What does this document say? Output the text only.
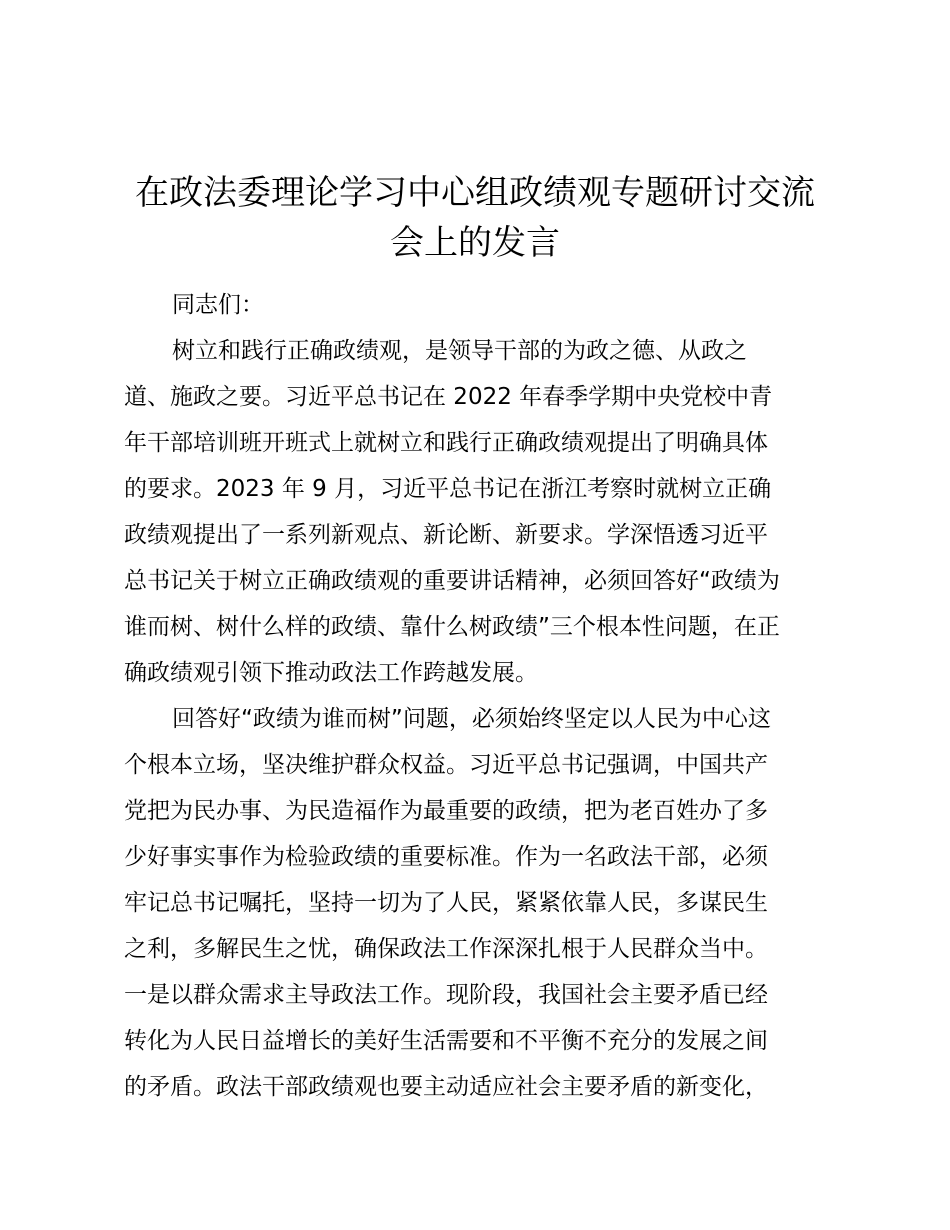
在政法委理论学习中心组政绩观专题研讨交流
会上的发言
同志们：
树立和践行正确政绩观，是领导干部的为政之德、从政之
道、施政之要。习近平总书记在 2022 年春季学期中央党校中青
年干部培训班开班式上就树立和践行正确政绩观提出了明确具体
的要求。2023 年 9 月，习近平总书记在浙江考察时就树立正确
政绩观提出了一系列新观点、新论断、新要求。学深悟透习近平
总书记关于树立正确政绩观的重要讲话精神，必须回答好“政绩为
谁而树、树什么样的政绩、靠什么树政绩”三个根本性问题，在正
确政绩观引领下推动政法工作跨越发展。
回答好“政绩为谁而树”问题，必须始终坚定以人民为中心这
个根本立场，坚决维护群众权益。习近平总书记强调，中国共产
党把为民办事、为民造福作为最重要的政绩，把为老百姓办了多
少好事实事作为检验政绩的重要标准。作为一名政法干部，必须
牢记总书记嘱托，坚持一切为了人民，紧紧依靠人民，多谋民生
之利，多解民生之忧，确保政法工作深深扎根于人民群众当中。
一是以群众需求主导政法工作。现阶段，我国社会主要矛盾已经
转化为人民日益增长的美好生活需要和不平衡不充分的发展之间
的矛盾。政法干部政绩观也要主动适应社会主要矛盾的新变化，
